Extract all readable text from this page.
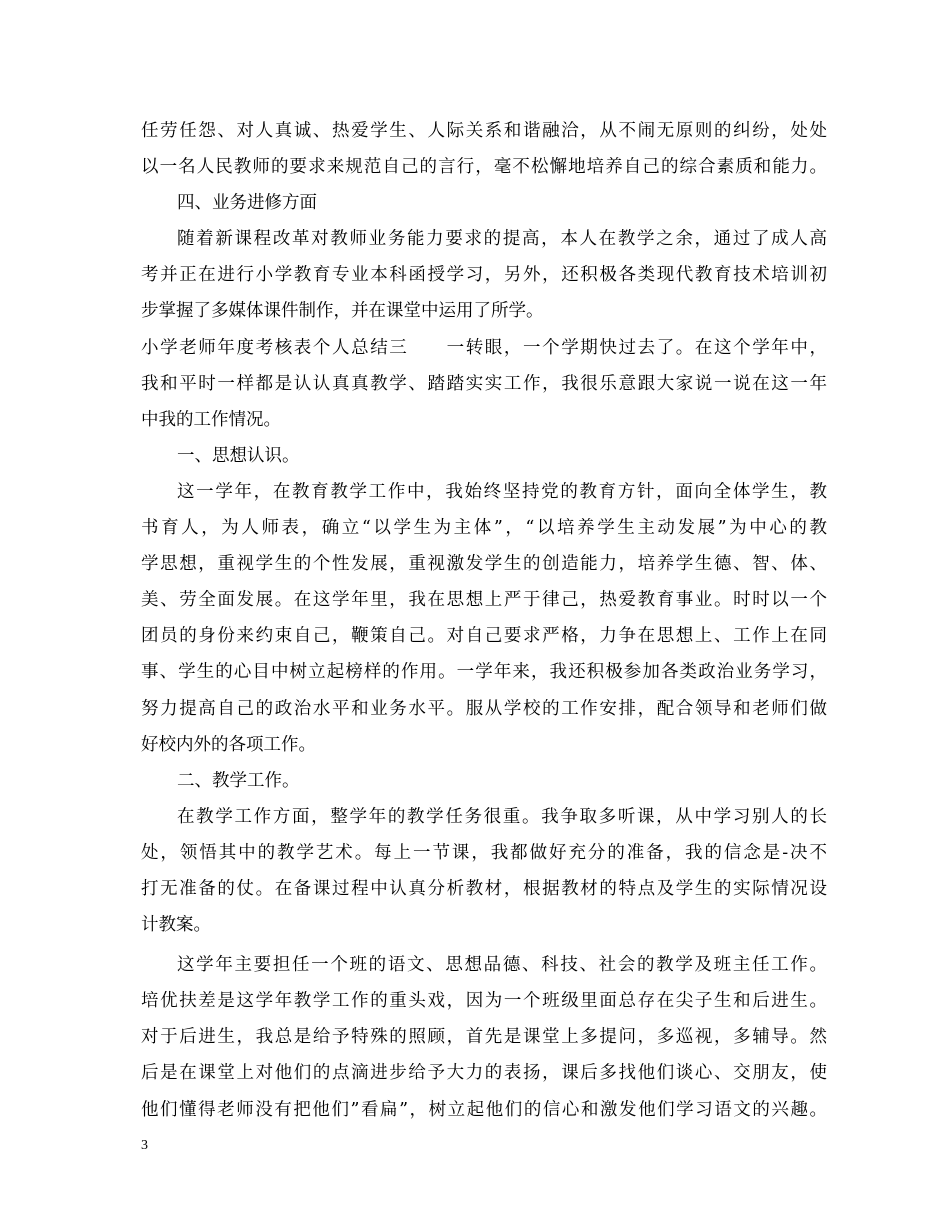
任劳任怨、对人真诚、热爱学生、人际关系和谐融洽，从不闹无原则的纠纷，处处
以一名人民教师的要求来规范自己的言行，毫不松懈地培养自己的综合素质和能力。
四、业务进修方面
随着新课程改革对教师业务能力要求的提高，本人在教学之余，通过了成人高
考并正在进行小学教育专业本科函授学习，另外，还积极各类现代教育技术培训初
步掌握了多媒体课件制作，并在课堂中运用了所学。
小学老师年度考核表个人总结三　　一转眼，一个学期快过去了。在这个学年中，
我和平时一样都是认认真真教学、踏踏实实工作，我很乐意跟大家说一说在这一年
中我的工作情况。
一、思想认识。
这一学年，在教育教学工作中，我始终坚持党的教育方针，面向全体学生，教
书育人，为人师表，确立“以学生为主体”，“以培养学生主动发展”为中心的教
学思想，重视学生的个性发展，重视激发学生的创造能力，培养学生德、智、体、
美、劳全面发展。在这学年里，我在思想上严于律己，热爱教育事业。时时以一个
团员的身份来约束自己，鞭策自己。对自己要求严格，力争在思想上、工作上在同
事、学生的心目中树立起榜样的作用。一学年来，我还积极参加各类政治业务学习，
努力提高自己的政治水平和业务水平。服从学校的工作安排，配合领导和老师们做
好校内外的各项工作。
二、教学工作。
在教学工作方面，整学年的教学任务很重。我争取多听课，从中学习别人的长
处，领悟其中的教学艺术。每上一节课，我都做好充分的准备，我的信念是-决不
打无准备的仗。在备课过程中认真分析教材，根据教材的特点及学生的实际情况设
计教案。
这学年主要担任一个班的语文、思想品德、科技、社会的教学及班主任工作。
培优扶差是这学年教学工作的重头戏，因为一个班级里面总存在尖子生和后进生。
对于后进生，我总是给予特殊的照顾，首先是课堂上多提问，多巡视，多辅导。然
后是在课堂上对他们的点滴进步给予大力的表扬，课后多找他们谈心、交朋友，使
他们懂得老师没有把他们”看扁”，树立起他们的信心和激发他们学习语文的兴趣。
3
